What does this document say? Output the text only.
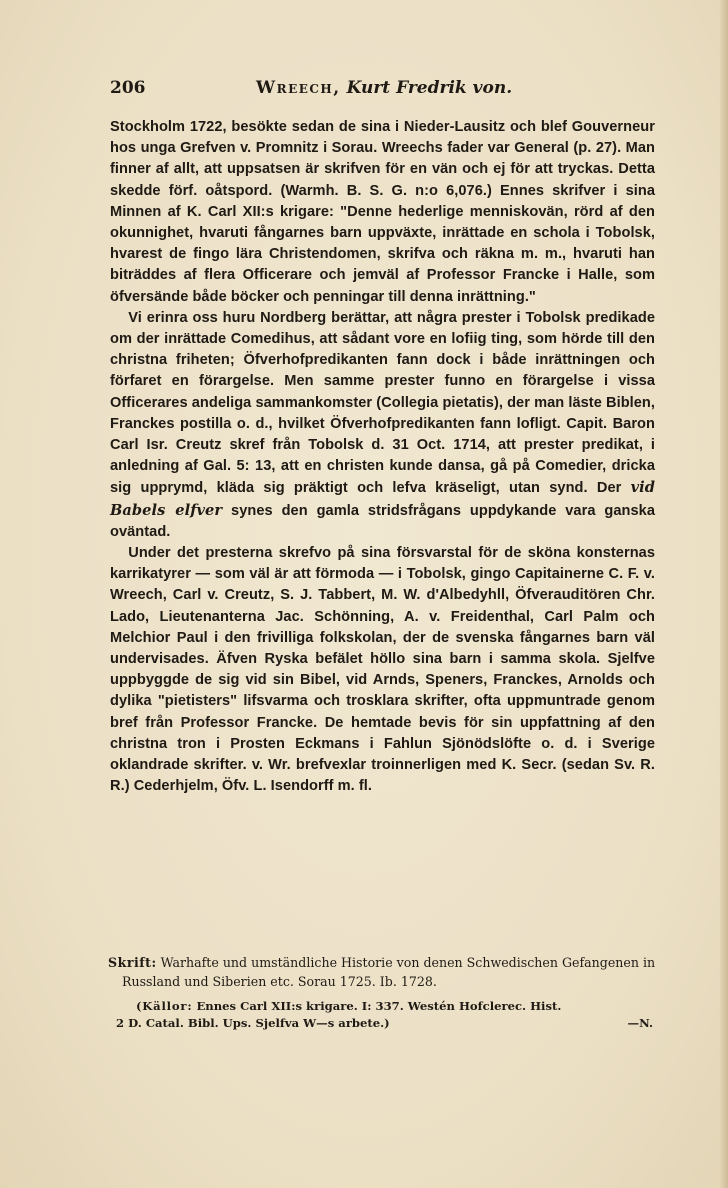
206	Wreech, Kurt Fredrik von.

Stockholm 1722, besökte sedan de sina i Nieder-Lausitz och blef Gouverneur hos unga Grefven v. Promnitz i Sorau. Wreechs fader var General (p. 27). Man finner af allt, att uppsatsen är skrifven för en vän och ej för att tryckas. Detta skedde förf. oåtspord. (Warmh. B. S. G. n:o 6,076.) Ennes skrifver i sina Minnen af K. Carl XII:s krigare: "Denne hederlige menniskovän, rörd af den okunnighet, hvaruti fångarnes barn uppväxte, inrättade en schola i Tobolsk, hvarest de fingo lära Christendomen, skrifva och räkna m. m., hvaruti han biträddes af flera Officerare och jemväl af Professor Francke i Halle, som öfversände både böcker och penningar till denna inrättning."

Vi erinra oss huru Nordberg berättar, att några prester i Tobolsk predikade om der inrättade Comedihus, att sådant vore en lofiig ting, som hörde till den christna friheten; Öfverhofpredikanten fann dock i både inrättningen och förfaret en förargelse. Men samme prester funno en förargelse i vissa Officerares andeliga sammankomster (Collegia pietatis), der man läste Biblen, Franckes postilla o. d., hvilket Öfverhofpredikanten fann lofligt. Capit. Baron Carl Isr. Creutz skref från Tobolsk d. 31 Oct. 1714, att prester predikat, i anledning af Gal. 5: 13, att en christen kunde dansa, gå på Comedier, dricka sig upprymd, kläda sig präktigt och lefva kräseligt, utan synd. Der vid Babels elfver synes den gamla stridsfrågans uppdykande vara ganska oväntad.

Under det presterna skrefvo på sina försvarstal för de sköna konsternas karrikatyrer — som väl är att förmoda — i Tobolsk, gingo Capitainerne C. F. v. Wreech, Carl v. Creutz, S. J. Tabbert, M. W. d'Albedyhll, Öfverauditören Chr. Lado, Lieutenanterna Jac. Schönning, A. v. Freidenthal, Carl Palm och Melchior Paul i den frivilliga folkskolan, der de svenska fångarnes barn väl undervisades. Äfven Ryska befälet höllo sina barn i samma skola. Sjelfve uppbyggde de sig vid sin Bibel, vid Arnds, Speners, Franckes, Arnolds och dylika "pietisters" lifsvarma och trosklara skrifter, ofta uppmuntrade genom bref från Professor Francke. De hemtade bevis för sin uppfattning af den christna tron i Prosten Eckmans i Fahlun Sjönödslöfte o. d. i Sverige oklandrade skrifter. v. Wr. brefvexlar troinnerligen med K. Secr. (sedan Sv. R. R.) Cederhjelm, Öfv. L. Isendorff m. fl.

Skrift: Warhafte und umständliche Historie von denen Schwedischen Gefangenen in Russland und Siberien etc. Sorau 1725. Ib. 1728.

(Källor: Ennes Carl XII:s krigare. I: 337. Westén Hofclerec. Hist.
2 D. Catal. Bibl. Ups. Sjelfva W—s arbete.)	—N.
